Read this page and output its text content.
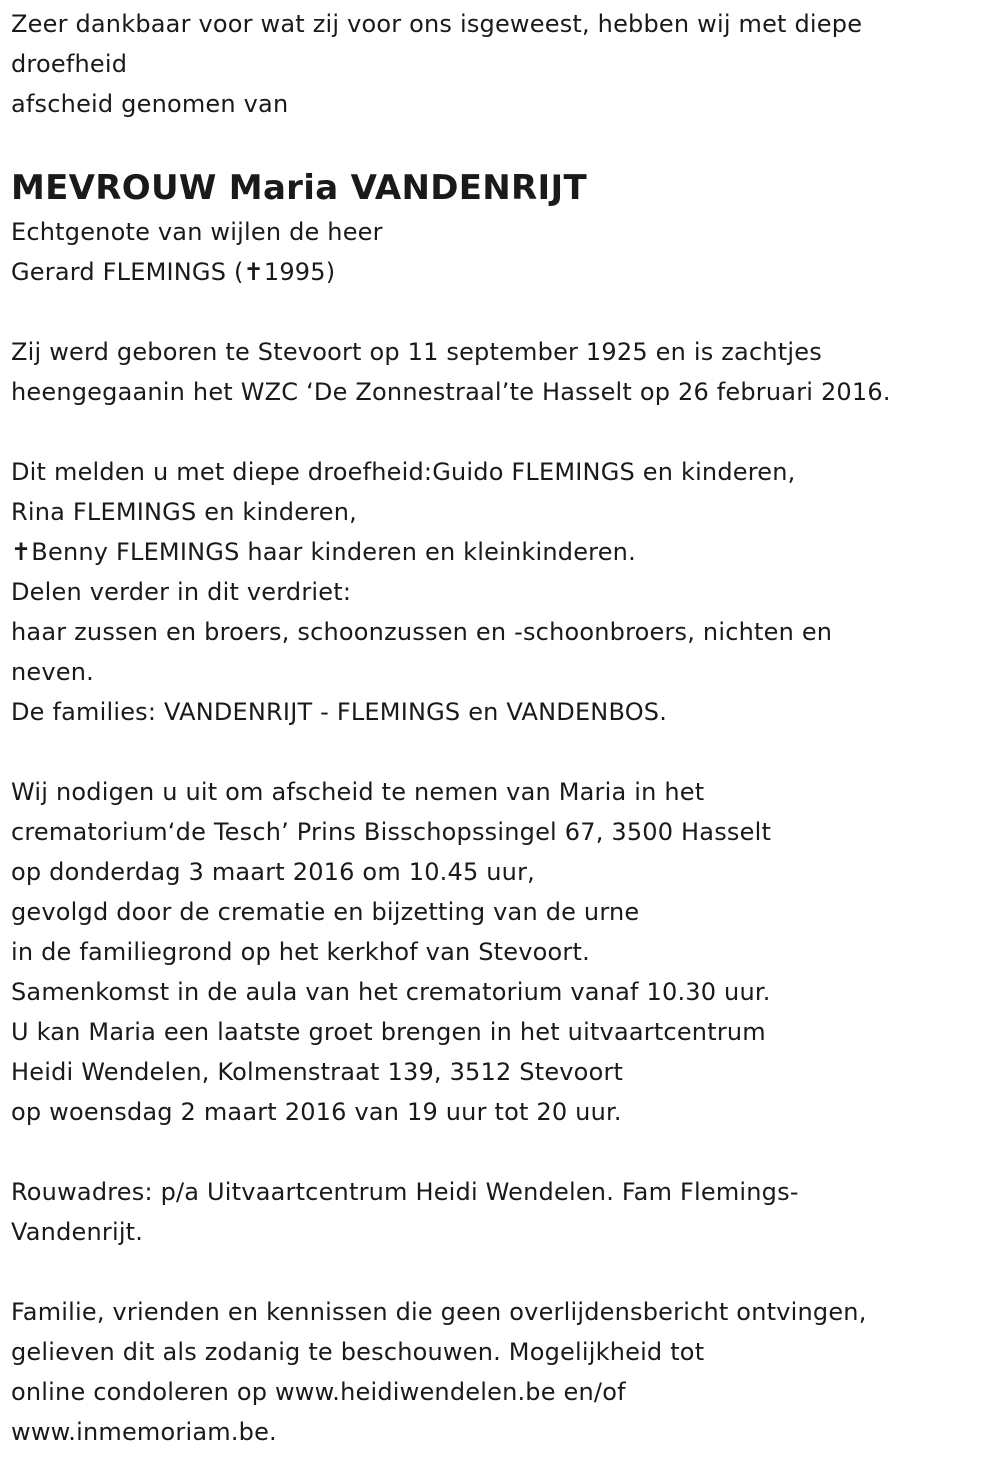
Zeer dankbaar voor wat zij voor ons isgeweest, hebben wij met diepe
droefheid
afscheid genomen van
MEVROUW Maria VANDENRIJT
Echtgenote van wijlen de heer
Gerard FLEMINGS (✝1995)
Zij werd geboren te Stevoort op 11 september 1925 en is zachtjes
heengegaanin het WZC ‘De Zonnestraal’te Hasselt op 26 februari 2016.
Dit melden u met diepe droefheid:Guido FLEMINGS en kinderen,
Rina FLEMINGS en kinderen,
✝Benny FLEMINGS haar kinderen en kleinkinderen.
Delen verder in dit verdriet:
haar zussen en broers, schoonzussen en -schoonbroers, nichten en
neven.
De families: VANDENRIJT - FLEMINGS en VANDENBOS.
Wij nodigen u uit om afscheid te nemen van Maria in het
crematorium‘de Tesch’ Prins Bisschopssingel 67, 3500 Hasselt
op donderdag 3 maart 2016 om 10.45 uur,
gevolgd door de crematie en bijzetting van de urne
in de familiegrond op het kerkhof van Stevoort.
Samenkomst in de aula van het crematorium vanaf 10.30 uur.
U kan Maria een laatste groet brengen in het uitvaartcentrum
Heidi Wendelen, Kolmenstraat 139, 3512 Stevoort
op woensdag 2 maart 2016 van 19 uur tot 20 uur.
Rouwadres: p/a Uitvaartcentrum Heidi Wendelen. Fam Flemings-
Vandenrijt.
Familie, vrienden en kennissen die geen overlijdensbericht ontvingen,
gelieven dit als zodanig te beschouwen. Mogelijkheid tot
online condoleren op www.heidiwendelen.be en/of
www.inmemoriam.be.
